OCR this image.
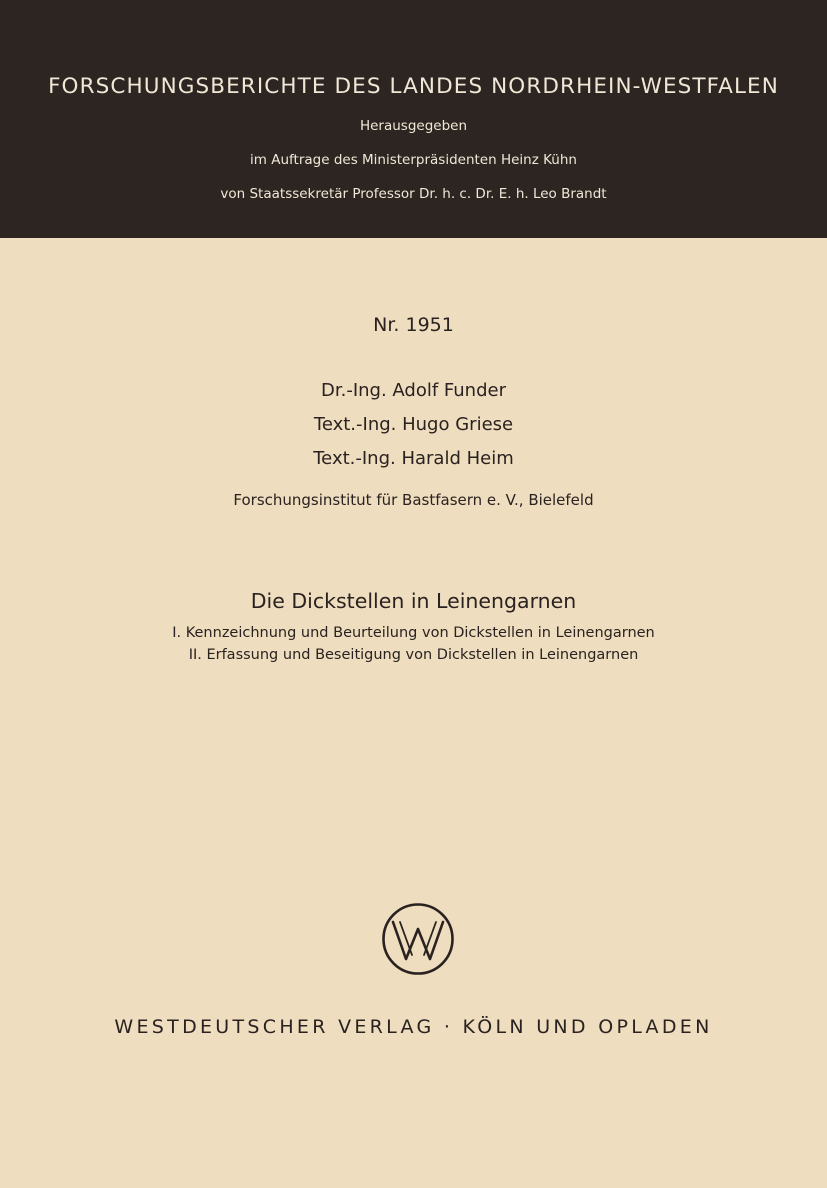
FORSCHUNGSBERICHTE DES LANDES NORDRHEIN-WESTFALEN
Herausgegeben
im Auftrage des Ministerpräsidenten Heinz Kühn
von Staatssekretär Professor Dr. h. c. Dr. E. h. Leo Brandt
Nr. 1951
Dr.-Ing. Adolf Funder
Text.-Ing. Hugo Griese
Text.-Ing. Harald Heim
Forschungsinstitut für Bastfasern e. V., Bielefeld
Die Dickstellen in Leinengarnen
I. Kennzeichnung und Beurteilung von Dickstellen in Leinengarnen
II. Erfassung und Beseitigung von Dickstellen in Leinengarnen
WESTDEUTSCHER VERLAG · KÖLN UND OPLADEN
